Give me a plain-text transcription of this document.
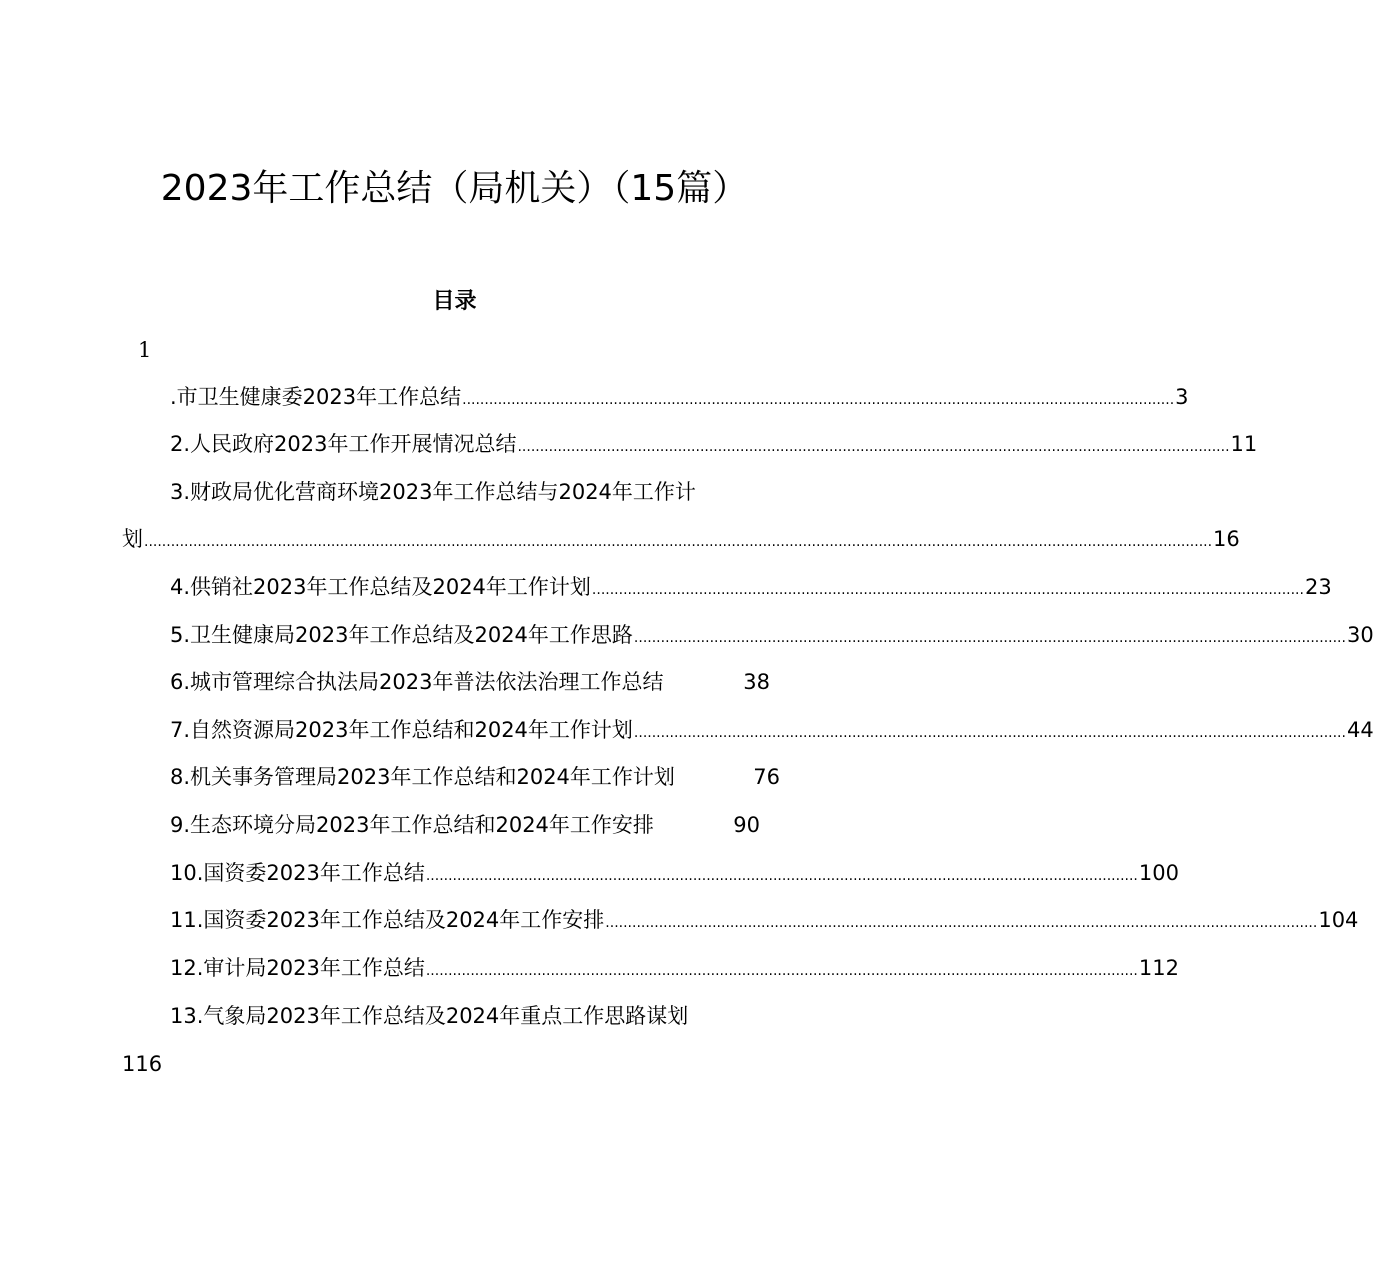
2023年工作总结（局机关）（15篇）
目录
1
.市卫生健康委2023年工作总结 ................................................................................................................................................................ 3
2.人民政府2023年工作开展情况总结 ................................................................................................................................................................ 11
3.财政局优化营商环境2023年工作总结与2024年工作计
划 ................................................................................................................................................................................................................................................ 16
4.供销社2023年工作总结及2024年工作计划 ................................................................................................................................................................ 23
5.卫生健康局2023年工作总结及2024年工作思路 ................................................................................................................................................................ 30
6.城市管理综合执法局2023年普法依法治理工作总结	38
7.自然资源局2023年工作总结和2024年工作计划 ................................................................................................................................................................ 44
8.机关事务管理局2023年工作总结和2024年工作计划	76
9.生态环境分局2023年工作总结和2024年工作安排	90
10.国资委2023年工作总结 ................................................................................................................................................................ 100
11.国资委2023年工作总结及2024年工作安排 ................................................................................................................................................................ 104
12.审计局2023年工作总结 ................................................................................................................................................................ 112
13.气象局2023年工作总结及2024年重点工作思路谋划
116
